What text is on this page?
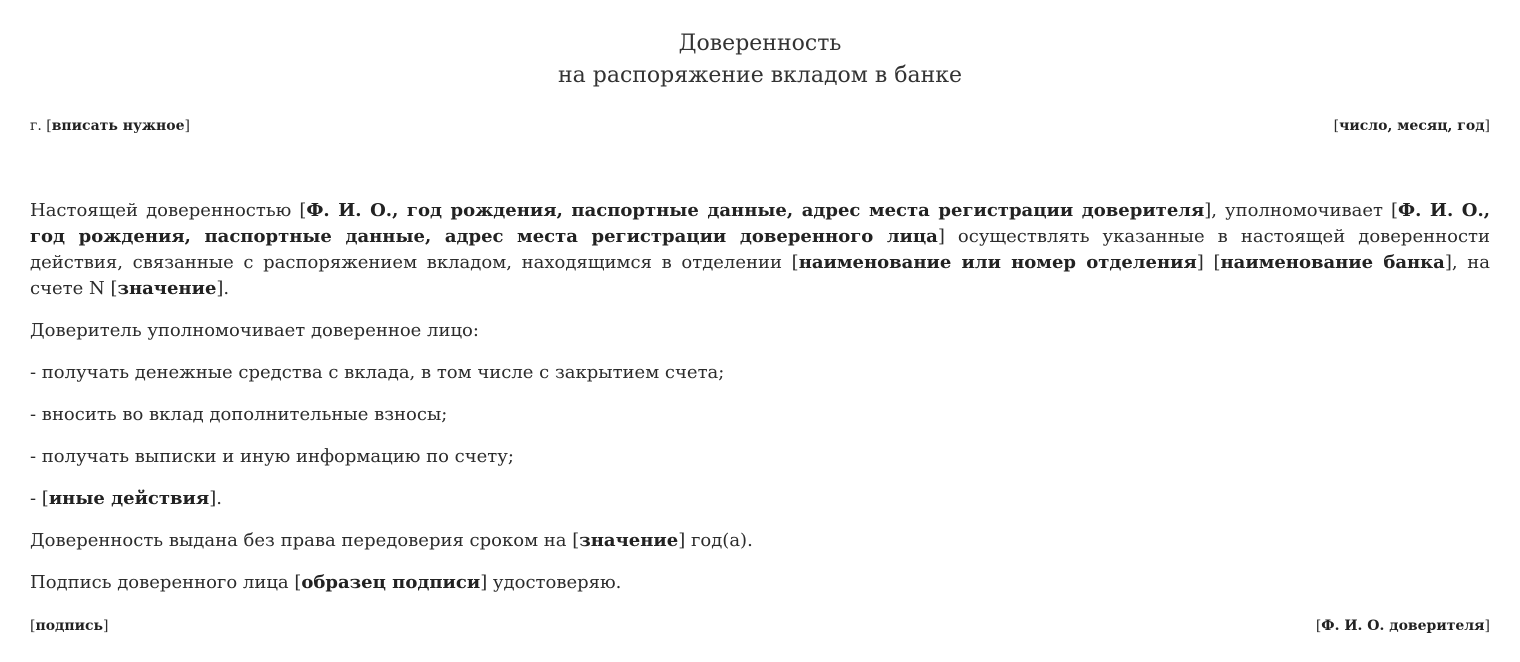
Доверенность
на распоряжение вкладом в банке
г. [вписать нужное]	[число, месяц, год]

Настоящей доверенностью [Ф. И. О., год рождения, паспортные данные, адрес места регистрации доверителя], уполномочивает [Ф. И. О., год рождения, паспортные данные, адрес места регистрации доверенного лица] осуществлять указанные в настоящей доверенности действия, связанные с распоряжением вкладом, находящимся в отделении [наименование или номер отделения] [наименование банка], на счете N [значение].

Доверитель уполномочивает доверенное лицо:

- получать денежные средства с вклада, в том числе с закрытием счета;

- вносить во вклад дополнительные взносы;

- получать выписки и иную информацию по счету;

- [иные действия].

Доверенность выдана без права передоверия сроком на [значение] год(а).

Подпись доверенного лица [образец подписи] удостоверяю.

[подпись]	[Ф. И. О. доверителя]
